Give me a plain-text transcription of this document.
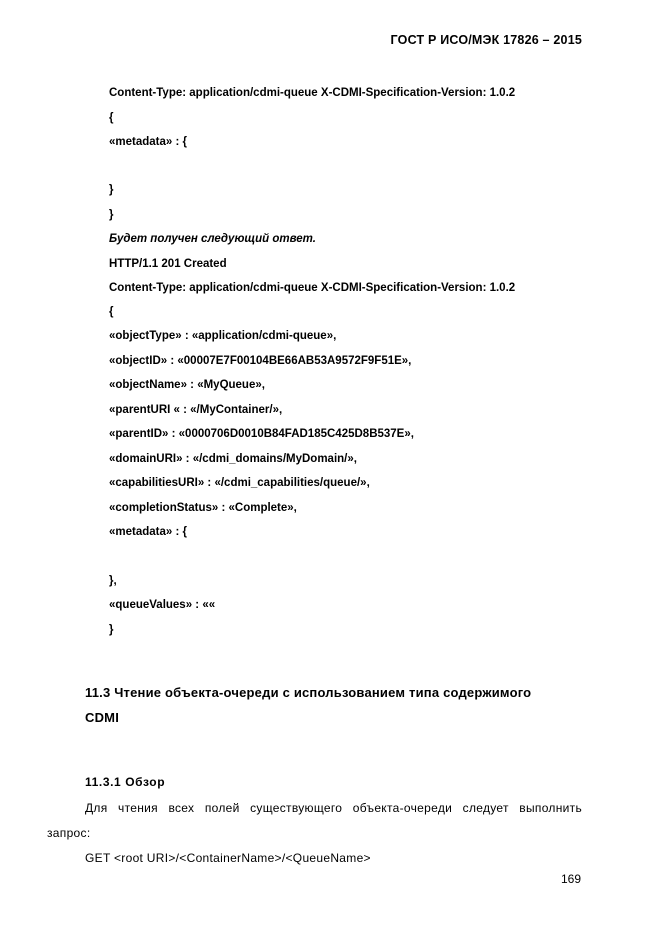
ГОСТ Р ИСО/МЭК 17826 – 2015
Content-Type: application/cdmi-queue X-CDMI-Specification-Version: 1.0.2
{
«metadata» : {
}
}
Будет получен следующий ответ.
HTTP/1.1 201 Created
Content-Type: application/cdmi-queue X-CDMI-Specification-Version: 1.0.2
{
«objectType» : «application/cdmi-queue»,
«objectID» : «00007E7F00104BE66AB53A9572F9F51E»,
«objectName» : «MyQueue»,
«parentURI « : «/MyContainer/»,
«parentID» : «0000706D0010B84FAD185C425D8B537E»,
«domainURI» : «/cdmi_domains/MyDomain/»,
«capabilitiesURI» : «/cdmi_capabilities/queue/»,
«completionStatus» : «Complete»,
«metadata» : {
},
«queueValues» : ««
}
11.3 Чтение объекта-очереди с использованием типа содержимого
CDMI
11.3.1 Обзор
Для чтения всех полей существующего объекта-очереди следует выполнить
запрос:
GET <root URI>/<ContainerName>/<QueueName>
169
